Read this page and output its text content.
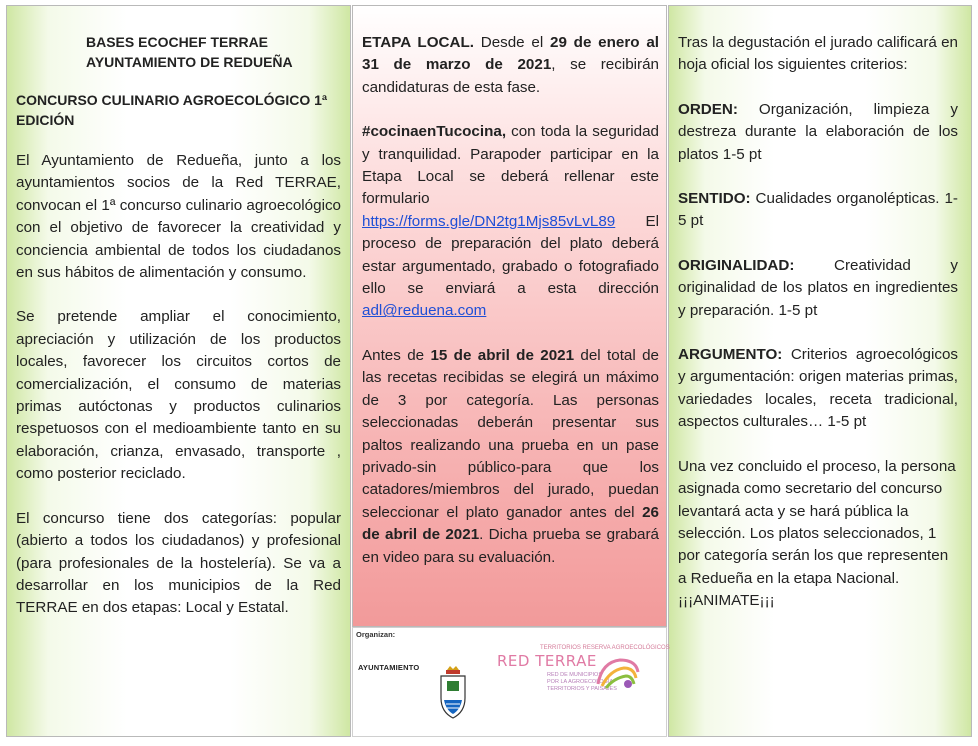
BASES ECOCHEF TERRAE
AYUNTAMIENTO DE REDUEÑA

CONCURSO CULINARIO AGROECOLÓGICO 1ª EDICIÓN

El Ayuntamiento de Redueña, junto a los ayuntamientos socios de la Red TERRAE, convocan el 1ª concurso culinario agroecológico con el objetivo de favorecer la creatividad y conciencia ambiental de todos los ciudadanos en sus hábitos de alimentación y consumo.

Se pretende ampliar el conocimiento, apreciación y utilización de los productos locales, favorecer los circuitos cortos de comercialización, el consumo de materias primas autóctonas y productos culinarios respetuosos con el medioambiente tanto en su elaboración, crianza, envasado, transporte , como posterior reciclado.

El concurso tiene dos categorías: popular (abierto a todos los ciudadanos) y profesional (para profesionales de la hostelería). Se va a desarrollar en los municipios de la Red TERRAE en dos etapas: Local y Estatal.

ETAPA LOCAL. Desde el 29 de enero al 31 de marzo de 2021, se recibirán candidaturas de esta fase.

#cocinaenTucocina, con toda la seguridad y tranquilidad. Parapoder participar en la Etapa Local se deberá rellenar este formulario https://forms.gle/DN2tg1Mjs85vLvL89 El proceso de preparación del plato deberá estar argumentado, grabado o fotografiado ello se enviará a esta dirección adl@reduena.com

Antes de 15 de abril de 2021 del total de las recetas recibidas se elegirá un máximo de 3 por categoría. Las personas seleccionadas deberán presentar sus paltos realizando una prueba en un pase privado-sin público-para que los catadores/miembros del jurado, puedan seleccionar el plato ganador antes del 26 de abril de 2021. Dicha prueba se grabará en video para su evaluación.

Organizan:
AYUNTAMIENTO
TERRITORIOS RESERVA AGROECOLÓGICOS
RED TERRAE
RED DE MUNICIPIOS
POR LA AGROECOLOGÍA
TERRITORIOS Y PAISAJES

Tras la degustación el jurado calificará en hoja oficial los siguientes criterios:

ORDEN: Organización, limpieza y destreza durante la elaboración de los platos 1-5 pt

SENTIDO: Cualidades organolépticas. 1-5 pt

ORIGINALIDAD: Creatividad y originalidad de los platos en ingredientes y preparación. 1-5 pt

ARGUMENTO: Criterios agroecológicos y argumentación: origen materias primas, variedades locales, receta tradicional, aspectos culturales… 1-5 pt

Una vez concluido el proceso, la persona asignada como secretario del concurso levantará acta y se hará pública la selección. Los platos seleccionados, 1 por categoría serán los que representen a Redueña en la etapa Nacional.

¡¡¡ANIMATE¡¡¡
